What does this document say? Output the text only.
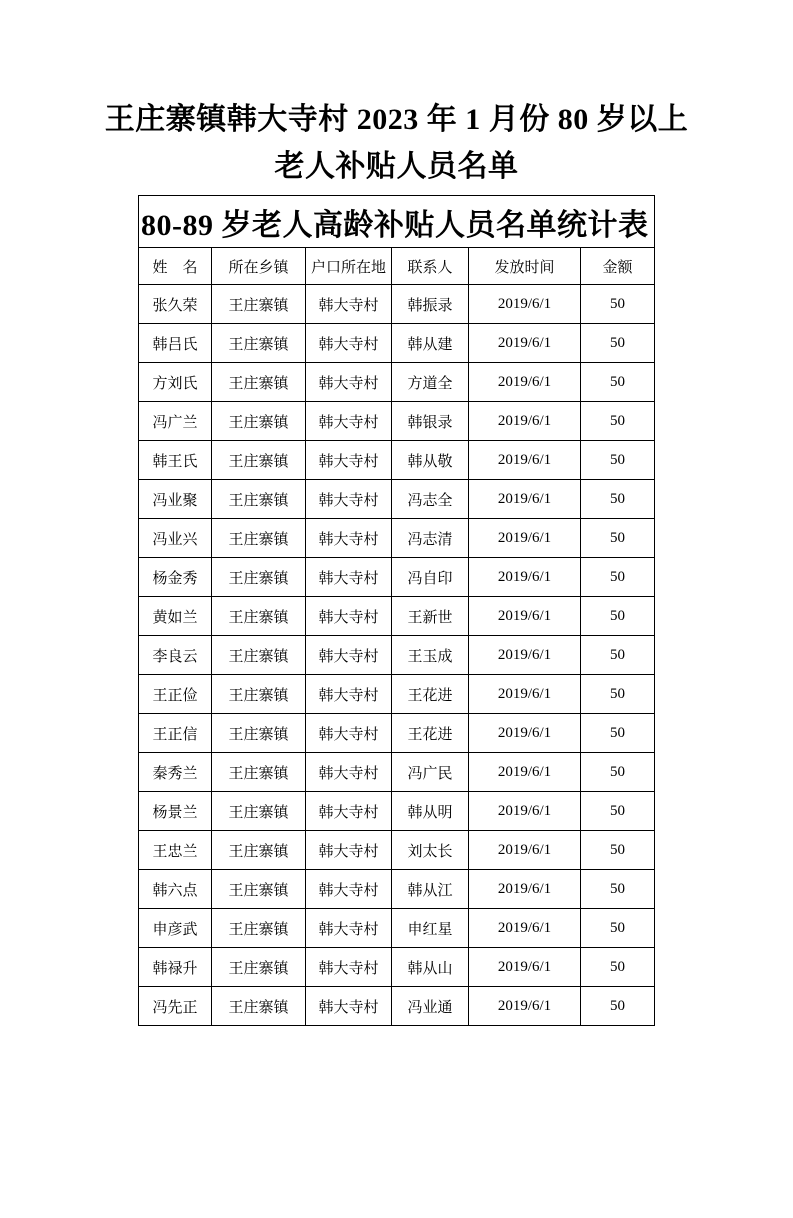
王庄寨镇韩大寺村 2023 年 1 月份 80 岁以上
老人补贴人员名单
80-89 岁老人高龄补贴人员名单统计表					
姓　名	所在乡镇	户口所在地	联系人	发放时间	金额
张久荣	王庄寨镇	韩大寺村	韩振录	2019/6/1	50
韩吕氏	王庄寨镇	韩大寺村	韩从建	2019/6/1	50
方刘氏	王庄寨镇	韩大寺村	方道全	2019/6/1	50
冯广兰	王庄寨镇	韩大寺村	韩银录	2019/6/1	50
韩王氏	王庄寨镇	韩大寺村	韩从敬	2019/6/1	50
冯业聚	王庄寨镇	韩大寺村	冯志全	2019/6/1	50
冯业兴	王庄寨镇	韩大寺村	冯志清	2019/6/1	50
杨金秀	王庄寨镇	韩大寺村	冯自印	2019/6/1	50
黄如兰	王庄寨镇	韩大寺村	王新世	2019/6/1	50
李良云	王庄寨镇	韩大寺村	王玉成	2019/6/1	50
王正俭	王庄寨镇	韩大寺村	王花进	2019/6/1	50
王正信	王庄寨镇	韩大寺村	王花进	2019/6/1	50
秦秀兰	王庄寨镇	韩大寺村	冯广民	2019/6/1	50
杨景兰	王庄寨镇	韩大寺村	韩从明	2019/6/1	50
王忠兰	王庄寨镇	韩大寺村	刘太长	2019/6/1	50
韩六点	王庄寨镇	韩大寺村	韩从江	2019/6/1	50
申彦武	王庄寨镇	韩大寺村	申红星	2019/6/1	50
韩禄升	王庄寨镇	韩大寺村	韩从山	2019/6/1	50
冯先正	王庄寨镇	韩大寺村	冯业通	2019/6/1	50
